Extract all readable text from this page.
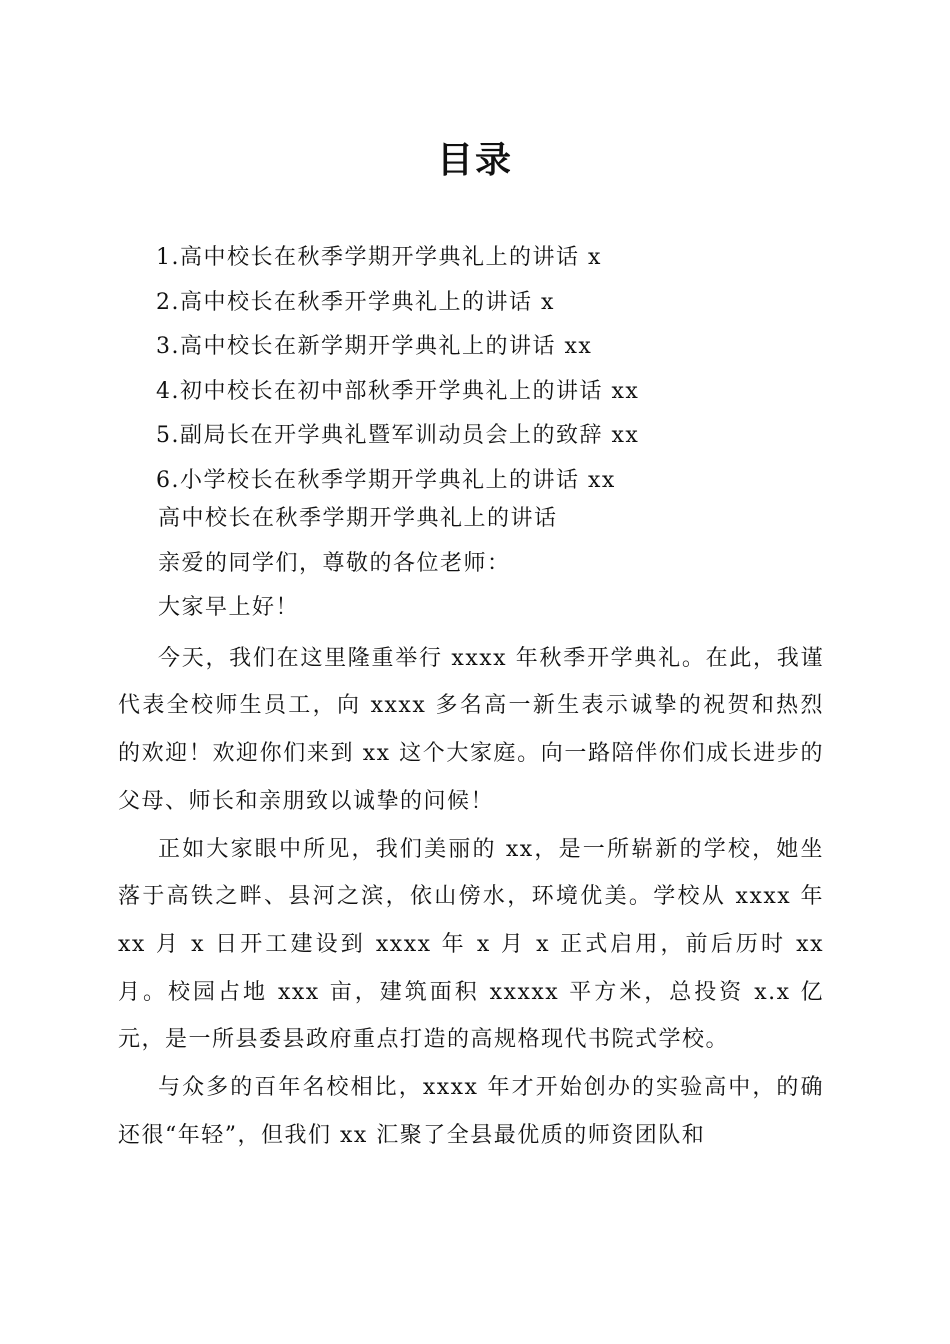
目录
1.高中校长在秋季学期开学典礼上的讲话 x
2.高中校长在秋季开学典礼上的讲话 x
3.高中校长在新学期开学典礼上的讲话 xx
4.初中校长在初中部秋季开学典礼上的讲话 xx
5.副局长在开学典礼暨军训动员会上的致辞 xx
6.小学校长在秋季学期开学典礼上的讲话 xx
高中校长在秋季学期开学典礼上的讲话
亲爱的同学们，尊敬的各位老师：
大家早上好！

今天，我们在这里隆重举行 xxxx 年秋季开学典礼。在此，我谨代表全校师生员工，向 xxxx 多名高一新生表示诚挚的祝贺和热烈的欢迎！欢迎你们来到 xx 这个大家庭。向一路陪伴你们成长进步的父母、师长和亲朋致以诚挚的问候！

正如大家眼中所见，我们美丽的 xx，是一所崭新的学校，她坐落于高铁之畔、县河之滨，依山傍水，环境优美。学校从 xxxx 年 xx 月 x 日开工建设到 xxxx 年 x 月 x 正式启用，前后历时 xx 月。校园占地 xxx 亩，建筑面积 xxxxx 平方米，总投资 x.x 亿元，是一所县委县政府重点打造的高规格现代书院式学校。

与众多的百年名校相比，xxxx 年才开始创办的实验高中，的确还很“年轻”，但我们 xx 汇聚了全县最优质的师资团队和
